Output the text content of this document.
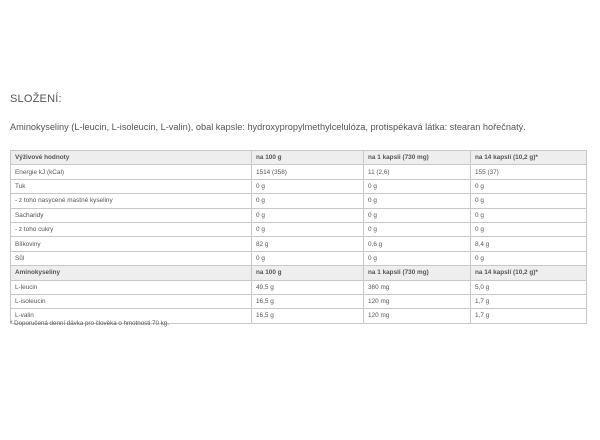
SLOŽENÍ:
Aminokyseliny (L-leucin, L-isoleucin, L-valin), obal kapsle: hydroxypropylmethylcelulóza, protispékavá látka: stearan hořečnatý.
Výživové hodnoty	na 100 g	na 1 kapsli (730 mg)	na 14 kapslí (10,2 g)*
Energie kJ (kCal)	1514 (358)	11 (2,6)	155 (37)
Tuk	0 g	0 g	0 g
- z toho nasycené mastné kyseliny	0 g	0 g	0 g
Sacharidy	0 g	0 g	0 g
- z toho cukry	0 g	0 g	0 g
Bílkoviny	82 g	0,6 g	8,4 g
Sůl	0 g	0 g	0 g
Aminokyseliny	na 100 g	na 1 kapsli (730 mg)	na 14 kapslí (10,2 g)*
L-leucin	49,5 g	360 mg	5,0 g
L-isoleucin	16,5 g	120 mg	1,7 g
L-valin	16,5 g	120 mg	1,7 g
* Doporučená denní dávka pro člověka o hmotnosti 70 kg.
